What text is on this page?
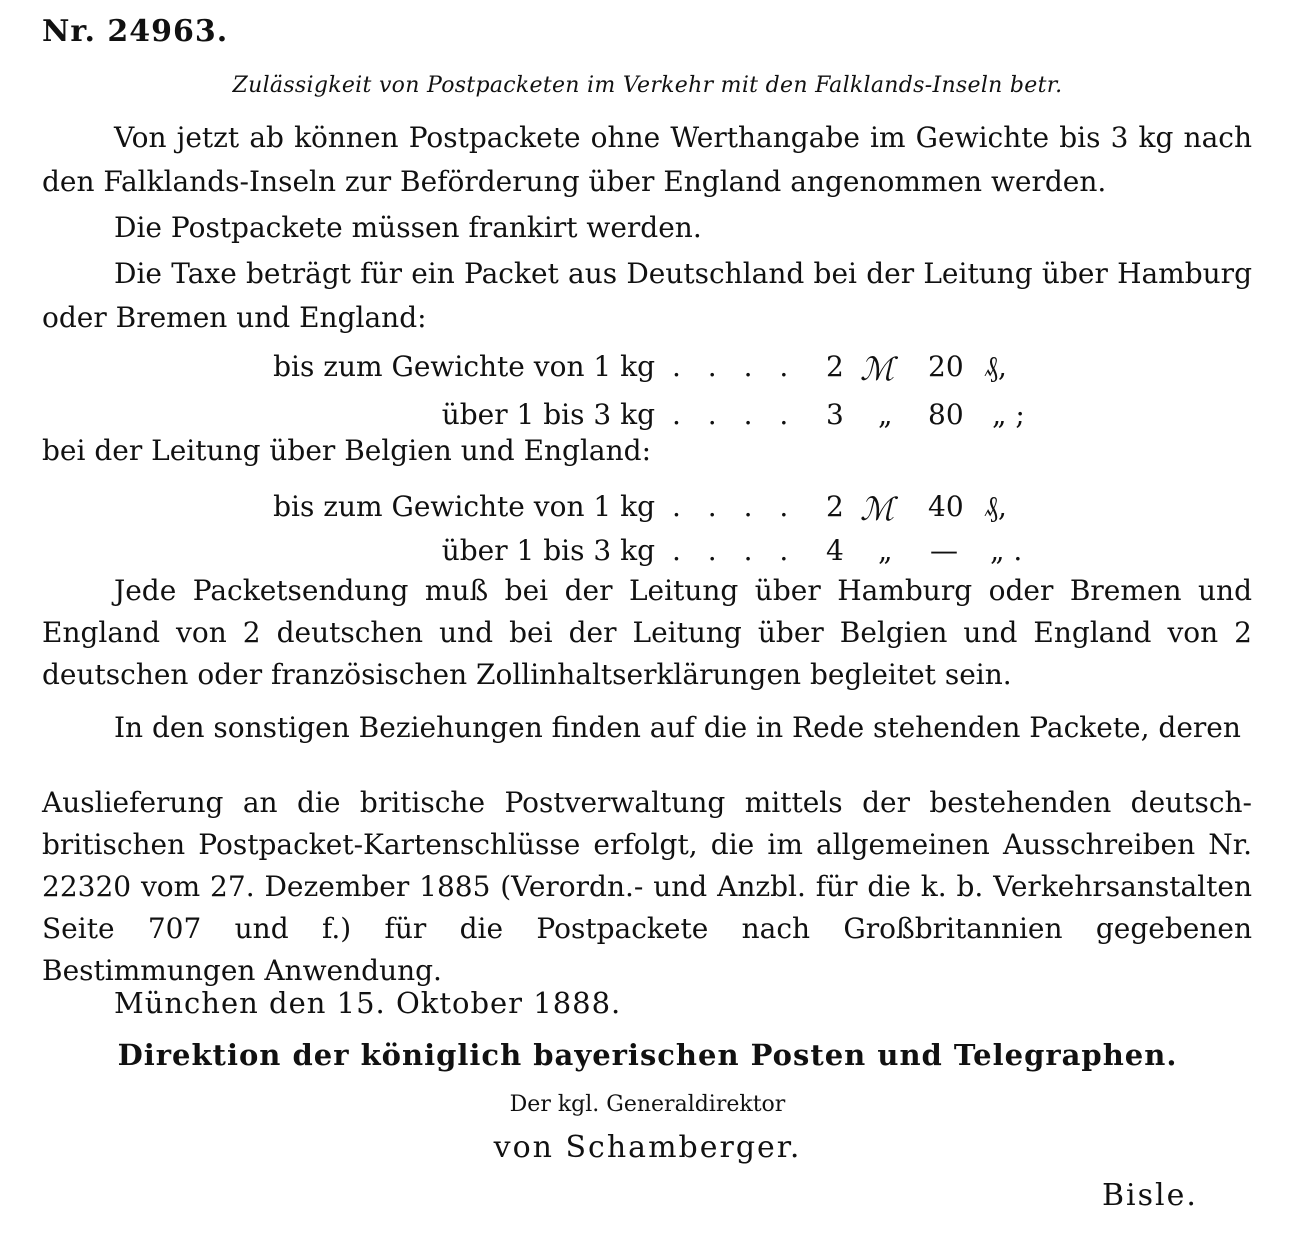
Nr. 24963.
Zulässigkeit von Postpacketen im Verkehr mit den Falklands-Inseln betr.
Von jetzt ab können Postpackete ohne Werthangabe im Gewichte bis 3 kg nach den Falklands-Inseln zur Beförderung über England angenommen werden.
Die Postpackete müssen frankirt werden.
Die Taxe beträgt für ein Packet aus Deutschland bei der Leitung über Hamburg oder Bremen und England:
bis zum Gewichte von 1 kg . . . . 2 ℳ 20 ₰,
über 1 bis 3 kg . . . . 3 „ 80 „ ;
bei der Leitung über Belgien und England:
bis zum Gewichte von 1 kg . . . . 2 ℳ 40 ₰,
über 1 bis 3 kg . . . . 4 „ — „ .
Jede Packetsendung muß bei der Leitung über Hamburg oder Bremen und England von 2 deutschen und bei der Leitung über Belgien und England von 2 deutschen oder französischen Zollinhaltserklärungen begleitet sein.
In den sonstigen Beziehungen finden auf die in Rede stehenden Packete, deren
Auslieferung an die britische Postverwaltung mittels der bestehenden deutsch-britischen Postpacket-Kartenschlüsse erfolgt, die im allgemeinen Ausschreiben Nr. 22320 vom 27. Dezember 1885 (Verordn.- und Anzbl. für die k. b. Verkehrsanstalten Seite 707 und f.) für die Postpackete nach Großbritannien gegebenen Bestimmungen Anwendung.
München den 15. Oktober 1888.
Direktion der königlich bayerischen Posten und Telegraphen.
Der kgl. Generaldirektor
von Schamberger.
Bisle.
